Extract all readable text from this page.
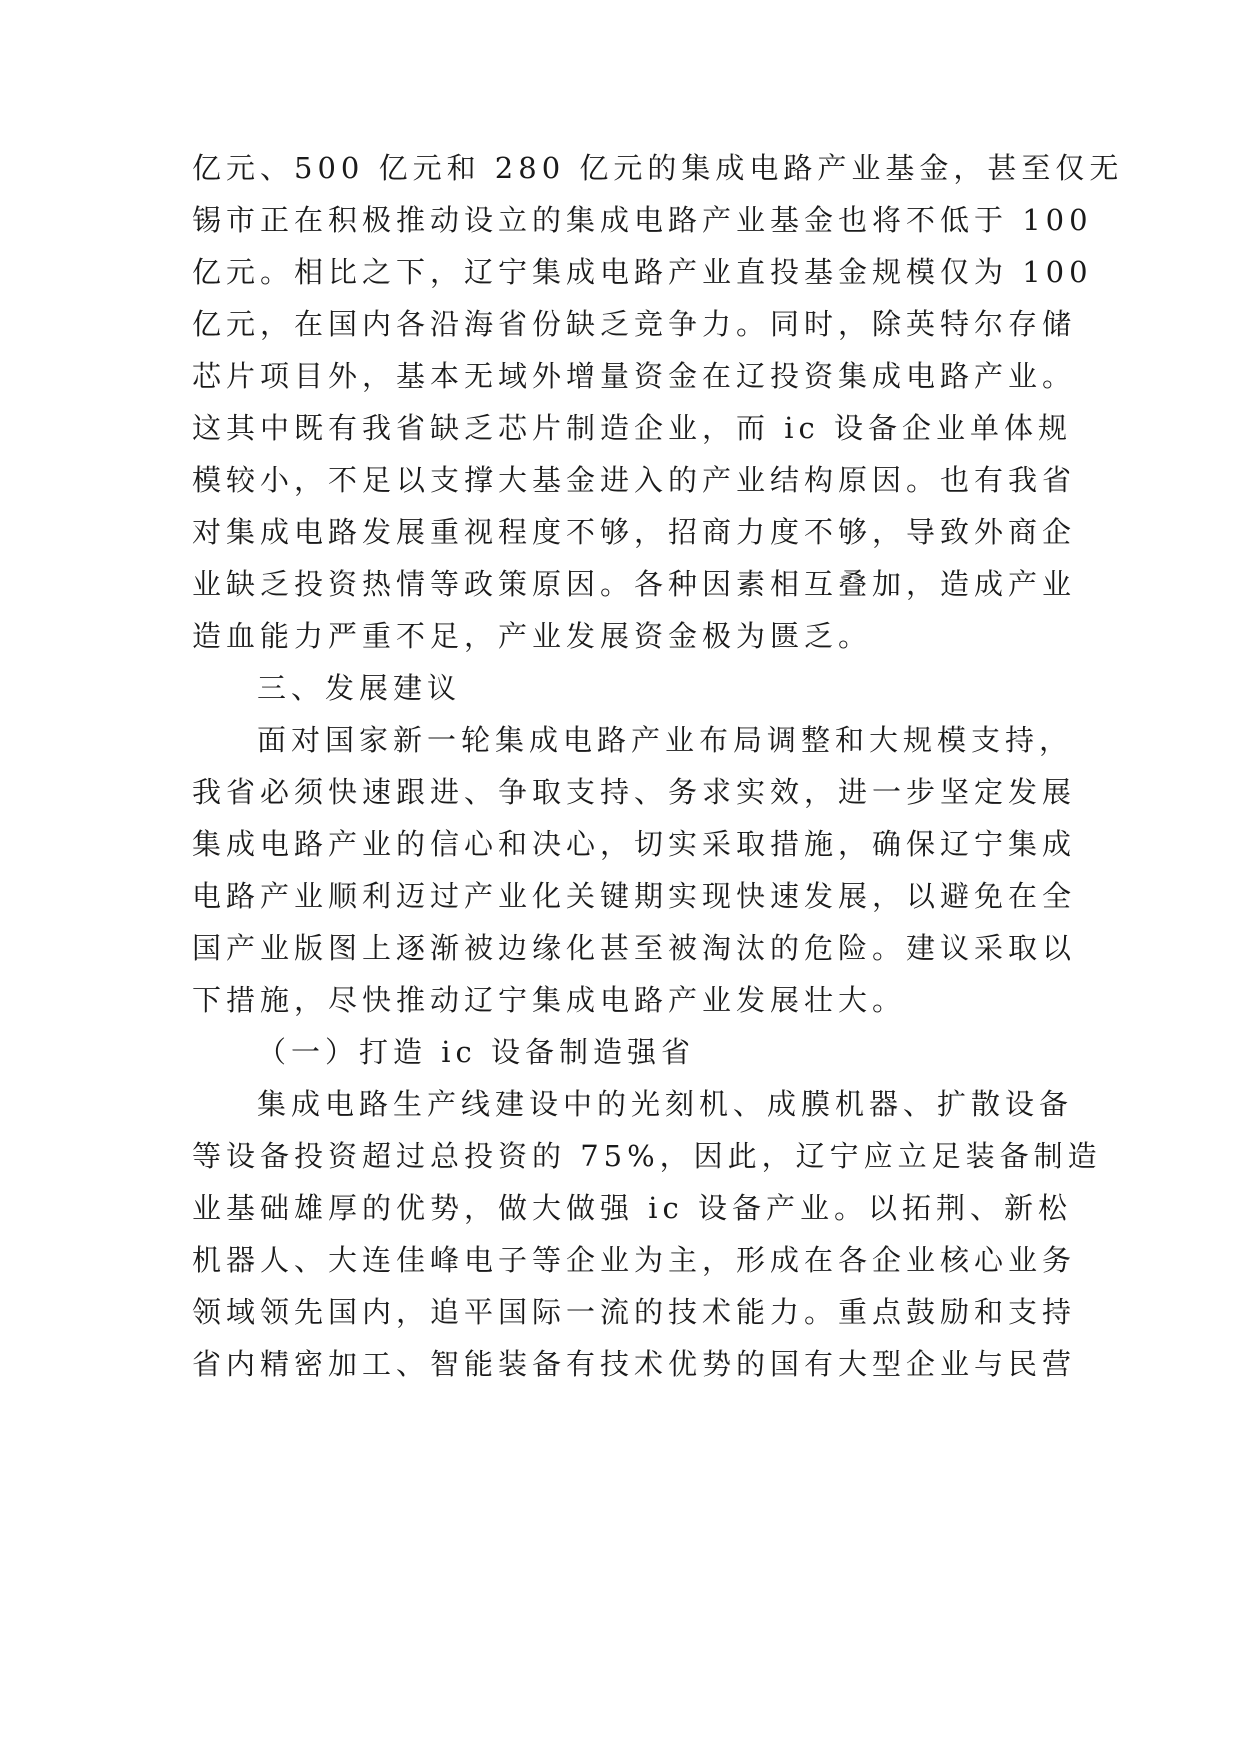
亿元、500 亿元和 280 亿元的集成电路产业基金，甚至仅无
锡市正在积极推动设立的集成电路产业基金也将不低于 100
亿元。相比之下，辽宁集成电路产业直投基金规模仅为 100
亿元，在国内各沿海省份缺乏竞争力。同时，除英特尔存储
芯片项目外，基本无域外增量资金在辽投资集成电路产业。
这其中既有我省缺乏芯片制造企业，而 ic 设备企业单体规
模较小，不足以支撑大基金进入的产业结构原因。也有我省
对集成电路发展重视程度不够，招商力度不够，导致外商企
业缺乏投资热情等政策原因。各种因素相互叠加，造成产业
造血能力严重不足，产业发展资金极为匮乏。
三、发展建议
面对国家新一轮集成电路产业布局调整和大规模支持，
我省必须快速跟进、争取支持、务求实效，进一步坚定发展
集成电路产业的信心和决心，切实采取措施，确保辽宁集成
电路产业顺利迈过产业化关键期实现快速发展，以避免在全
国产业版图上逐渐被边缘化甚至被淘汰的危险。建议采取以
下措施，尽快推动辽宁集成电路产业发展壮大。
（一）打造 ic 设备制造强省
集成电路生产线建设中的光刻机、成膜机器、扩散设备
等设备投资超过总投资的 75%，因此，辽宁应立足装备制造
业基础雄厚的优势，做大做强 ic 设备产业。以拓荆、新松
机器人、大连佳峰电子等企业为主，形成在各企业核心业务
领域领先国内，追平国际一流的技术能力。重点鼓励和支持
省内精密加工、智能装备有技术优势的国有大型企业与民营
